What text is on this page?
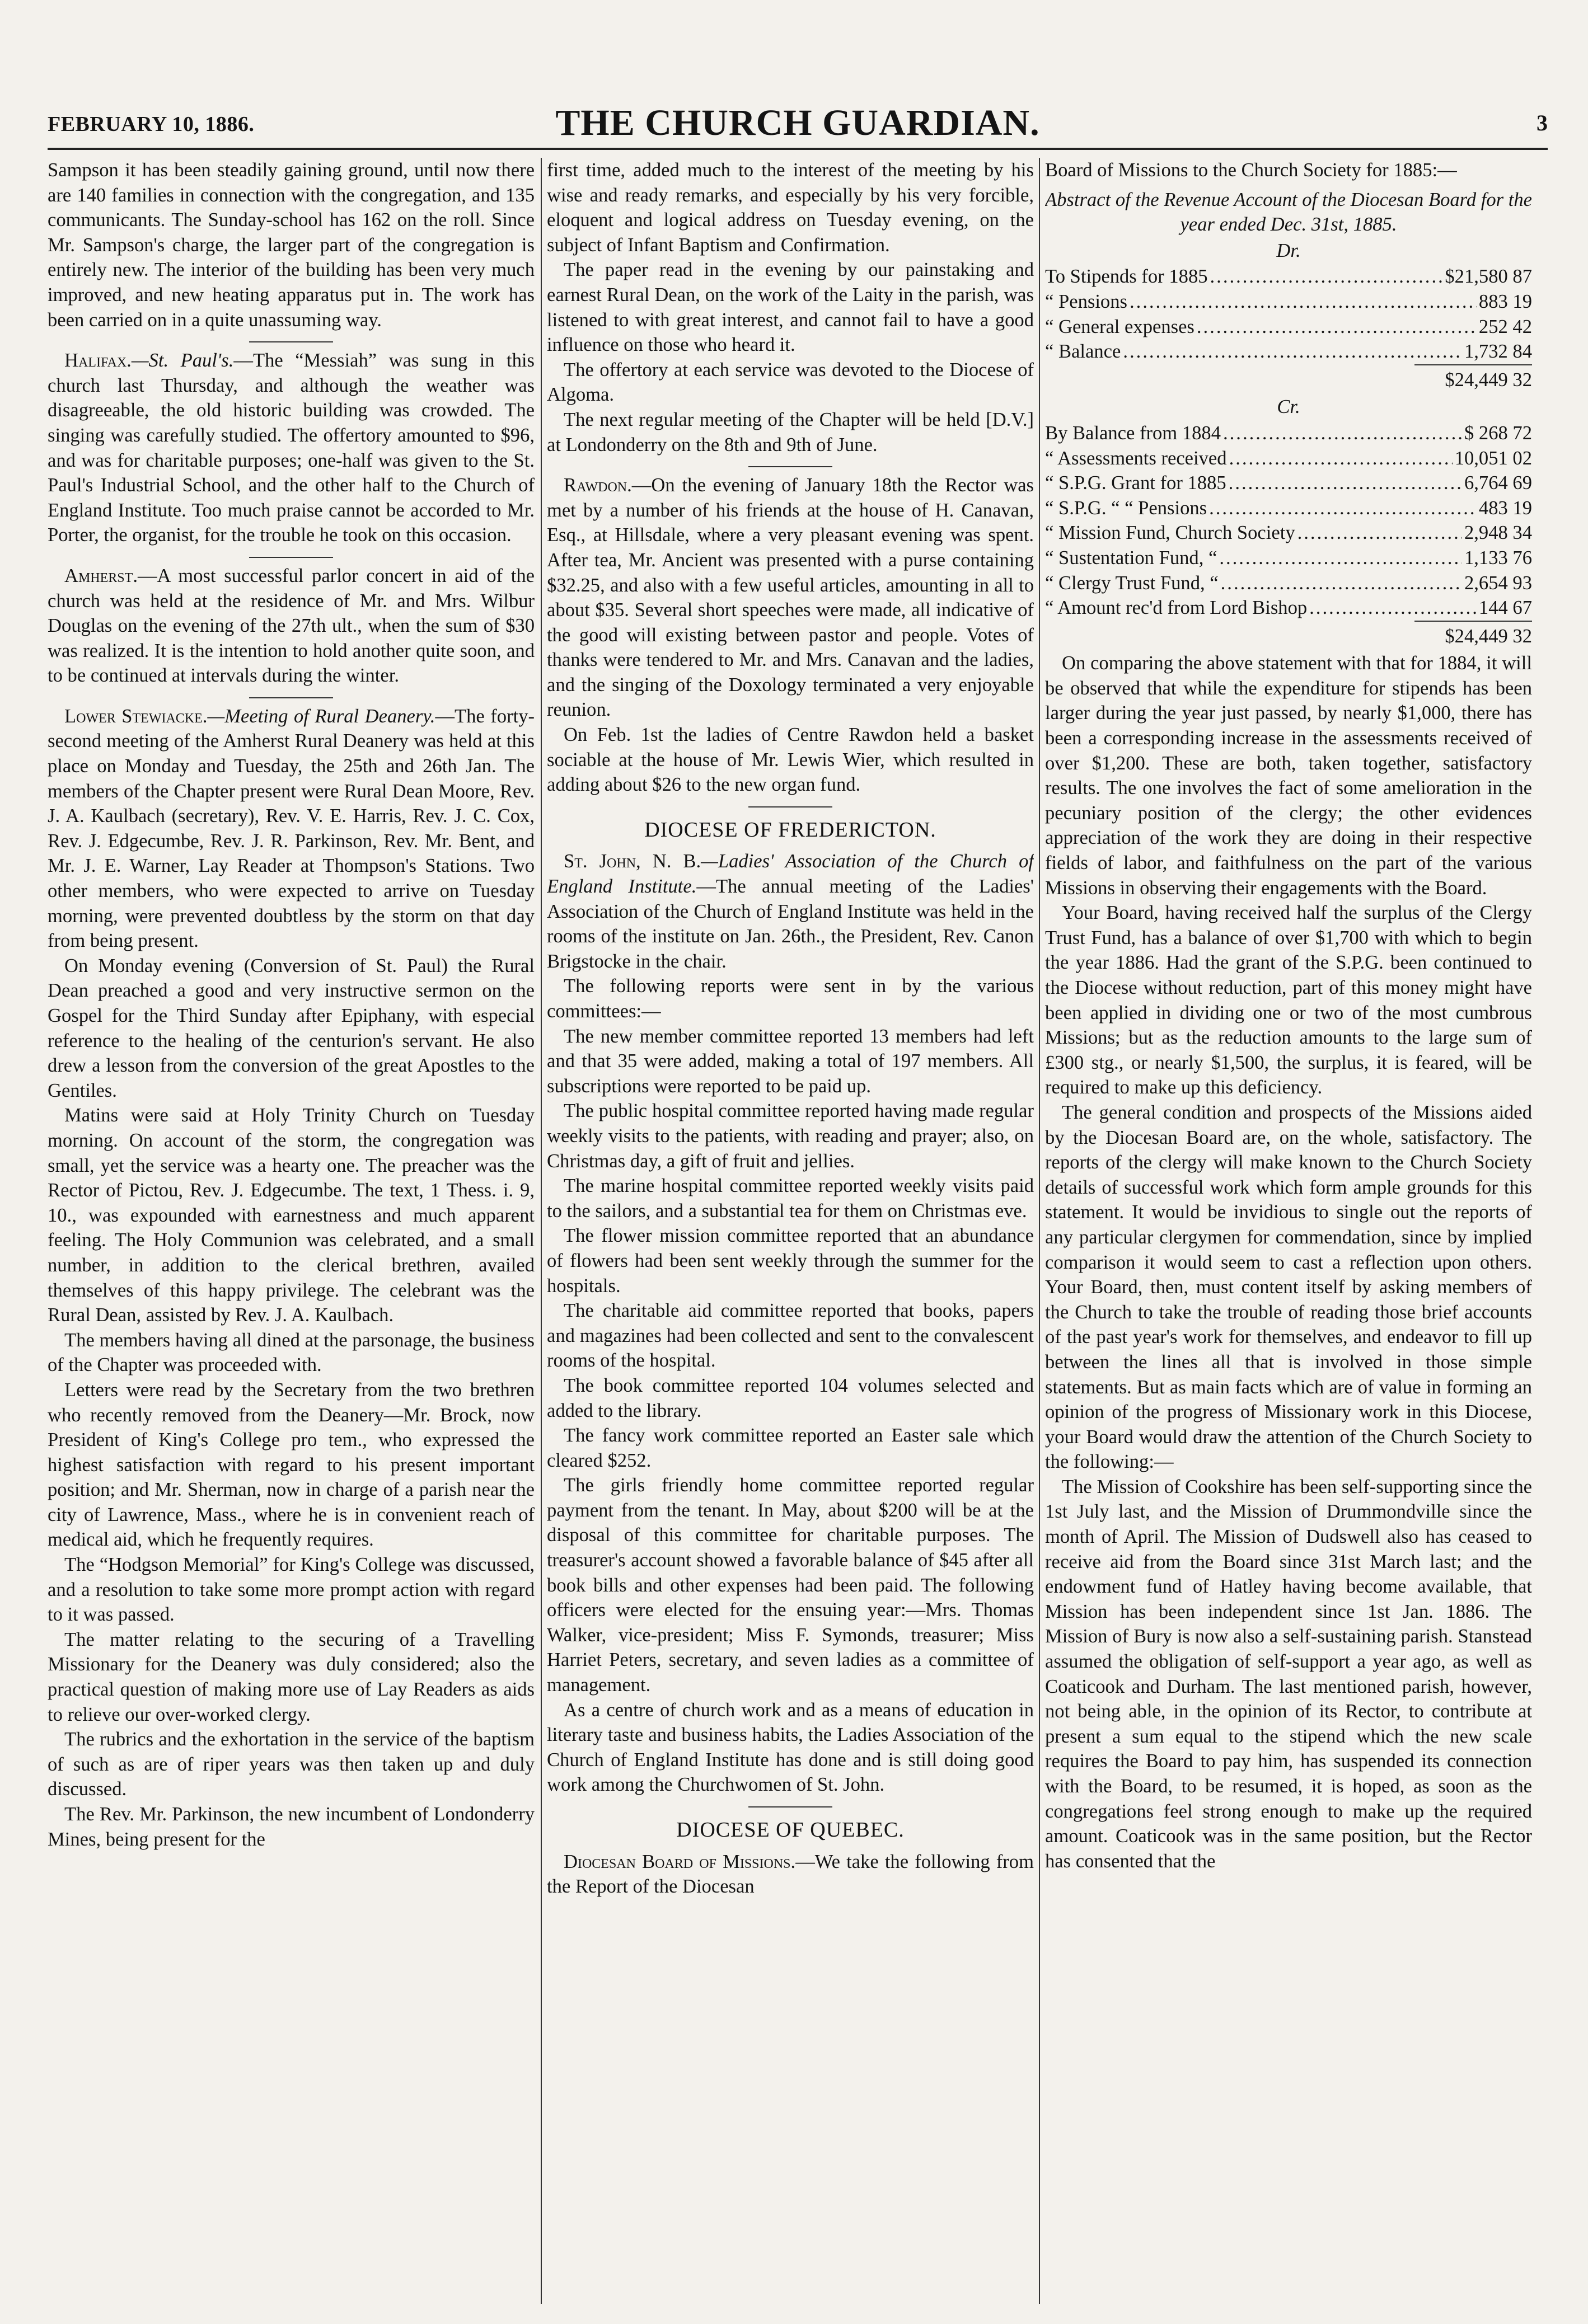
FEBRUARY 10, 1886.	THE CHURCH GUARDIAN.	3

Sampson it has been steadily gaining ground, until now there are 140 families in connection with the congregation, and 135 communicants. The Sunday-school has 162 on the roll. Since Mr. Sampson's charge, the larger part of the congregation is entirely new. The interior of the building has been very much improved, and new heating apparatus put in. The work has been carried on in a quite unassuming way.

Halifax.—St. Paul's.—The “Messiah” was sung in this church last Thursday, and although the weather was disagreeable, the old historic building was crowded. The singing was carefully studied. The offertory amounted to $96, and was for charitable purposes; one-half was given to the St. Paul's Industrial School, and the other half to the Church of England Institute. Too much praise cannot be accorded to Mr. Porter, the organist, for the trouble he took on this occasion.

Amherst.—A most successful parlor concert in aid of the church was held at the residence of Mr. and Mrs. Wilbur Douglas on the evening of the 27th ult., when the sum of $30 was realized. It is the intention to hold another quite soon, and to be continued at intervals during the winter.

Lower Stewiacke.—Meeting of Rural Deanery.—The forty-second meeting of the Amherst Rural Deanery was held at this place on Monday and Tuesday, the 25th and 26th Jan. The members of the Chapter present were Rural Dean Moore, Rev. J. A. Kaulbach (secretary), Rev. V. E. Harris, Rev. J. C. Cox, Rev. J. Edgecumbe, Rev. J. R. Parkinson, Rev. Mr. Bent, and Mr. J. E. Warner, Lay Reader at Thompson's Stations. Two other members, who were expected to arrive on Tuesday morning, were prevented doubtless by the storm on that day from being present.

On Monday evening (Conversion of St. Paul) the Rural Dean preached a good and very instructive sermon on the Gospel for the Third Sunday after Epiphany, with especial reference to the healing of the centurion's servant. He also drew a lesson from the conversion of the great Apostles to the Gentiles.

Matins were said at Holy Trinity Church on Tuesday morning. On account of the storm, the congregation was small, yet the service was a hearty one. The preacher was the Rector of Pictou, Rev. J. Edgecumbe. The text, 1 Thess. i. 9, 10., was expounded with earnestness and much apparent feeling. The Holy Communion was celebrated, and a small number, in addition to the clerical brethren, availed themselves of this happy privilege. The celebrant was the Rural Dean, assisted by Rev. J. A. Kaulbach.

The members having all dined at the parsonage, the business of the Chapter was proceeded with.

Letters were read by the Secretary from the two brethren who recently removed from the Deanery—Mr. Brock, now President of King's College pro tem., who expressed the highest satisfaction with regard to his present important position; and Mr. Sherman, now in charge of a parish near the city of Lawrence, Mass., where he is in convenient reach of medical aid, which he frequently requires.

The “Hodgson Memorial” for King's College was discussed, and a resolution to take some more prompt action with regard to it was passed.

The matter relating to the securing of a Travelling Missionary for the Deanery was duly considered; also the practical question of making more use of Lay Readers as aids to relieve our over-worked clergy.

The rubrics and the exhortation in the service of the baptism of such as are of riper years was then taken up and duly discussed.

The Rev. Mr. Parkinson, the new incumbent of Londonderry Mines, being present for the

first time, added much to the interest of the meeting by his wise and ready remarks, and especially by his very forcible, eloquent and logical address on Tuesday evening, on the subject of Infant Baptism and Confirmation.

The paper read in the evening by our painstaking and earnest Rural Dean, on the work of the Laity in the parish, was listened to with great interest, and cannot fail to have a good influence on those who heard it.

The offertory at each service was devoted to the Diocese of Algoma.

The next regular meeting of the Chapter will be held [D.V.] at Londonderry on the 8th and 9th of June.

Rawdon.—On the evening of January 18th the Rector was met by a number of his friends at the house of H. Canavan, Esq., at Hillsdale, where a very pleasant evening was spent. After tea, Mr. Ancient was presented with a purse containing $32.25, and also with a few useful articles, amounting in all to about $35. Several short speeches were made, all indicative of the good will existing between pastor and people. Votes of thanks were tendered to Mr. and Mrs. Canavan and the ladies, and the singing of the Doxology terminated a very enjoyable reunion.

On Feb. 1st the ladies of Centre Rawdon held a basket sociable at the house of Mr. Lewis Wier, which resulted in adding about $26 to the new organ fund.

DIOCESE OF FREDERICTON.

St. John, N. B.—Ladies' Association of the Church of England Institute.—The annual meeting of the Ladies' Association of the Church of England Institute was held in the rooms of the institute on Jan. 26th., the President, Rev. Canon Brigstocke in the chair.

The following reports were sent in by the various committees:—

The new member committee reported 13 members had left and that 35 were added, making a total of 197 members. All subscriptions were reported to be paid up.

The public hospital committee reported having made regular weekly visits to the patients, with reading and prayer; also, on Christmas day, a gift of fruit and jellies.

The marine hospital committee reported weekly visits paid to the sailors, and a substantial tea for them on Christmas eve.

The flower mission committee reported that an abundance of flowers had been sent weekly through the summer for the hospitals.

The charitable aid committee reported that books, papers and magazines had been collected and sent to the convalescent rooms of the hospital.

The book committee reported 104 volumes selected and added to the library.

The fancy work committee reported an Easter sale which cleared $252.

The girls friendly home committee reported regular payment from the tenant. In May, about $200 will be at the disposal of this committee for charitable purposes. The treasurer's account showed a favorable balance of $45 after all book bills and other expenses had been paid. The following officers were elected for the ensuing year:—Mrs. Thomas Walker, vice-president; Miss F. Symonds, treasurer; Miss Harriet Peters, secretary, and seven ladies as a committee of management.

As a centre of church work and as a means of education in literary taste and business habits, the Ladies Association of the Church of England Institute has done and is still doing good work among the Churchwomen of St. John.

DIOCESE OF QUEBEC.

Diocesan Board of Missions.—We take the following from the Report of the Diocesan

Board of Missions to the Church Society for 1885:—

Abstract of the Revenue Account of the Diocesan Board for the year ended Dec. 31st, 1885.
Dr.
To Stipends for 1885 .....	$21,580 87
“ Pensions .....	883 19
“ General expenses .....	252 42
“ Balance .....	1,732 84
$24,449 32
Cr.
By Balance from 1884 .....	$ 268 72
“ Assessments received .....	10,051 02
“ S.P.G. Grant for 1885 .....	6,764 69
“ S.P.G. “ “ Pensions .....	483 19
“ Mission Fund, Church Society .....	2,948 34
“ Sustentation Fund, “ .....	1,133 76
“ Clergy Trust Fund, “ .....	2,654 93
“ Amount rec'd from Lord Bishop .....	144 67
$24,449 32

On comparing the above statement with that for 1884, it will be observed that while the expenditure for stipends has been larger during the year just passed, by nearly $1,000, there has been a corresponding increase in the assessments received of over $1,200. These are both, taken together, satisfactory results. The one involves the fact of some amelioration in the pecuniary position of the clergy; the other evidences appreciation of the work they are doing in their respective fields of labor, and faithfulness on the part of the various Missions in observing their engagements with the Board.

Your Board, having received half the surplus of the Clergy Trust Fund, has a balance of over $1,700 with which to begin the year 1886. Had the grant of the S.P.G. been continued to the Diocese without reduction, part of this money might have been applied in dividing one or two of the most cumbrous Missions; but as the reduction amounts to the large sum of £300 stg., or nearly $1,500, the surplus, it is feared, will be required to make up this deficiency.

The general condition and prospects of the Missions aided by the Diocesan Board are, on the whole, satisfactory. The reports of the clergy will make known to the Church Society details of successful work which form ample grounds for this statement. It would be invidious to single out the reports of any particular clergymen for commendation, since by implied comparison it would seem to cast a reflection upon others. Your Board, then, must content itself by asking members of the Church to take the trouble of reading those brief accounts of the past year's work for themselves, and endeavor to fill up between the lines all that is involved in those simple statements. But as main facts which are of value in forming an opinion of the progress of Missionary work in this Diocese, your Board would draw the attention of the Church Society to the following:—

The Mission of Cookshire has been self-supporting since the 1st July last, and the Mission of Drummondville since the month of April. The Mission of Dudswell also has ceased to receive aid from the Board since 31st March last; and the endowment fund of Hatley having become available, that Mission has been independent since 1st Jan. 1886. The Mission of Bury is now also a self-sustaining parish. Stanstead assumed the obligation of self-support a year ago, as well as Coaticook and Durham. The last mentioned parish, however, not being able, in the opinion of its Rector, to contribute at present a sum equal to the stipend which the new scale requires the Board to pay him, has suspended its connection with the Board, to be resumed, it is hoped, as soon as the congregations feel strong enough to make up the required amount. Coaticook was in the same position, but the Rector has consented that the
